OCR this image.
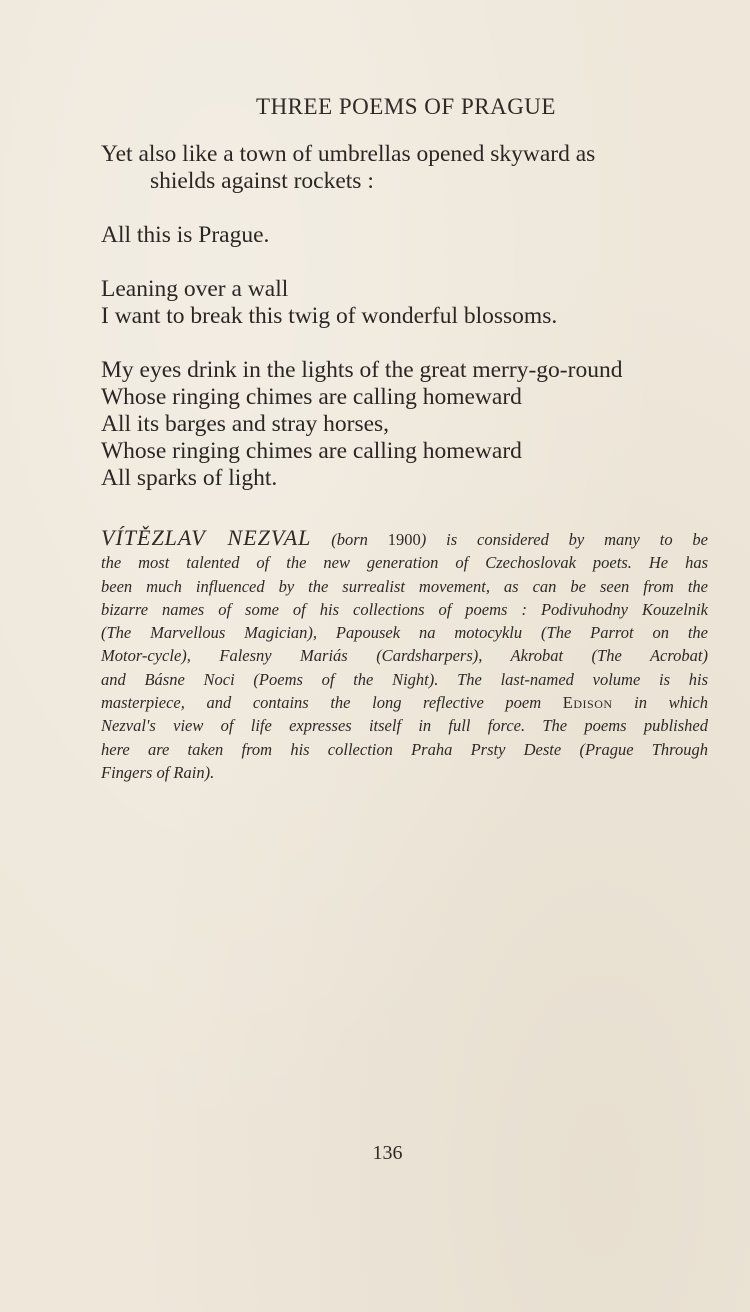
THREE POEMS OF PRAGUE
Yet also like a town of umbrellas opened skyward as
shields against rockets :
All this is Prague.
Leaning over a wall
I want to break this twig of wonderful blossoms.
My eyes drink in the lights of the great merry-go-round
Whose ringing chimes are calling homeward
All its barges and stray horses,
Whose ringing chimes are calling homeward
All sparks of light.
VÍTĚZLAV NEZVAL (born 1900) is considered by many to be
the most talented of the new generation of Czechoslovak poets. He has
been much influenced by the surrealist movement, as can be seen from the
bizarre names of some of his collections of poems : Podivuhodny Kouzelnik
(The Marvellous Magician), Papousek na motocyklu (The Parrot on the
Motor-cycle), Falesny Mariás (Cardsharpers), Akrobat (The Acrobat)
and Básne Noci (Poems of the Night). The last-named volume is his
masterpiece, and contains the long reflective poem Edison in which
Nezval's view of life expresses itself in full force. The poems published
here are taken from his collection Praha Prsty Deste (Prague Through
Fingers of Rain).
136
